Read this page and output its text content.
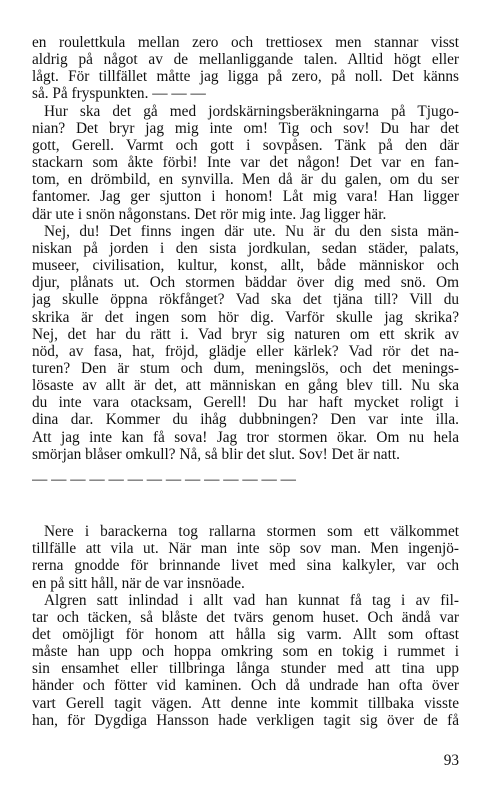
en roulettkula mellan zero och trettiosex men stannar visst
aldrig på något av de mellanliggande talen. Alltid högt eller
lågt. För tillfället måtte jag ligga på zero, på noll. Det känns
så. På fryspunkten. — — —
Hur ska det gå med jordskärningsberäkningarna på Tjugo-
nian? Det bryr jag mig inte om! Tig och sov! Du har det
gott, Gerell. Varmt och gott i sovpåsen. Tänk på den där
stackarn som åkte förbi! Inte var det någon! Det var en fan-
tom, en drömbild, en synvilla. Men då är du galen, om du ser
fantomer. Jag ger sjutton i honom! Låt mig vara! Han ligger
där ute i snön någonstans. Det rör mig inte. Jag ligger här.
Nej, du! Det finns ingen där ute. Nu är du den sista män-
niskan på jorden i den sista jordkulan, sedan städer, palats,
museer, civilisation, kultur, konst, allt, både människor och
djur, plånats ut. Och stormen bäddar över dig med snö. Om
jag skulle öppna rökfånget? Vad ska det tjäna till? Vill du
skrika är det ingen som hör dig. Varför skulle jag skrika?
Nej, det har du rätt i. Vad bryr sig naturen om ett skrik av
nöd, av fasa, hat, fröjd, glädje eller kärlek? Vad rör det na-
turen? Den är stum och dum, meningslös, och det menings-
lösaste av allt är det, att människan en gång blev till. Nu ska
du inte vara otacksam, Gerell! Du har haft mycket roligt i
dina dar. Kommer du ihåg dubbningen? Den var inte illa.
Att jag inte kan få sova! Jag tror stormen ökar. Om nu hela
smörjan blåser omkull? Nå, så blir det slut. Sov! Det är natt.
— — — — — — — — — — — — — —
Nere i barackerna tog rallarna stormen som ett välkommet
tillfälle att vila ut. När man inte söp sov man. Men ingenjö-
rerna gnodde för brinnande livet med sina kalkyler, var och
en på sitt håll, när de var insnöade.
Algren satt inlindad i allt vad han kunnat få tag i av fil-
tar och täcken, så blåste det tvärs genom huset. Och ändå var
det omöjligt för honom att hålla sig varm. Allt som oftast
måste han upp och hoppa omkring som en tokig i rummet i
sin ensamhet eller tillbringa långa stunder med att tina upp
händer och fötter vid kaminen. Och då undrade han ofta över
vart Gerell tagit vägen. Att denne inte kommit tillbaka visste
han, för Dygdiga Hansson hade verkligen tagit sig över de få
93
